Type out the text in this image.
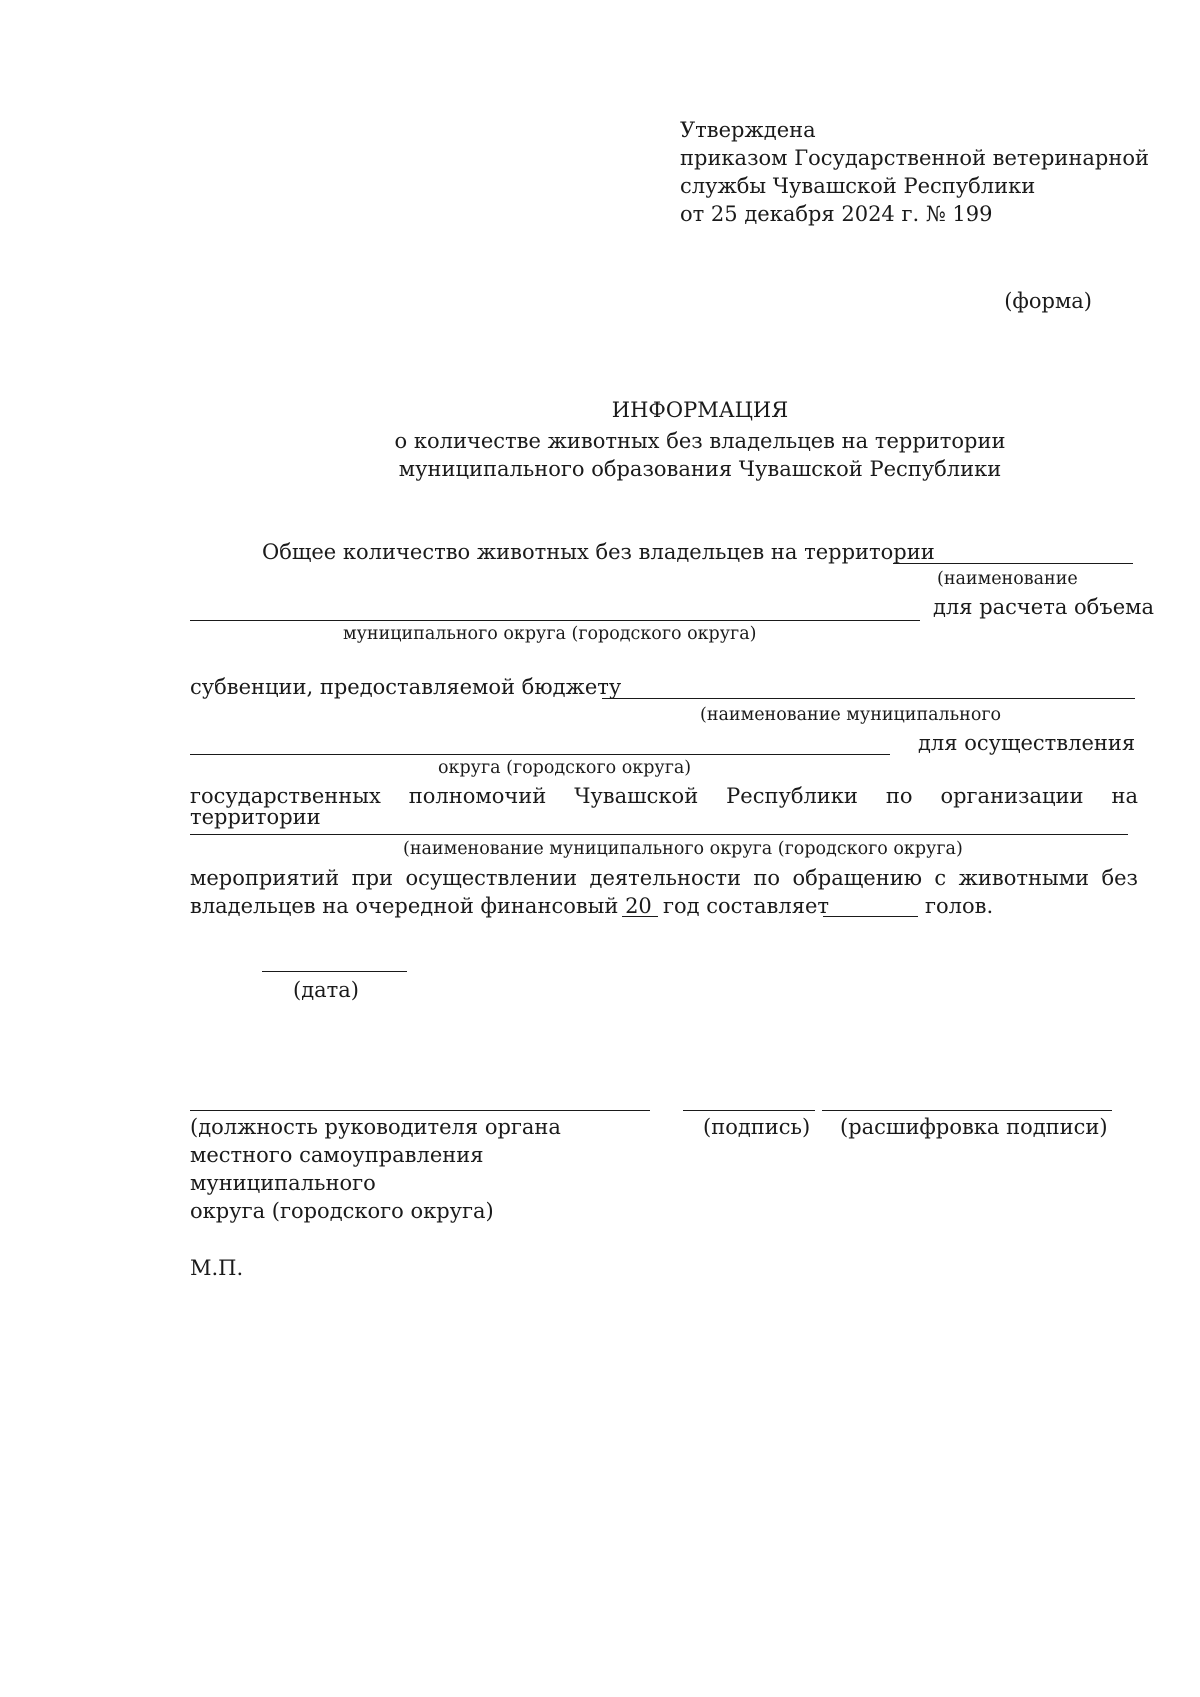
Утверждена
приказом Государственной ветеринарной
службы Чувашской Республики
от 25 декабря 2024 г. № 199
(форма)
ИНФОРМАЦИЯ
о количестве животных без владельцев на территории
муниципального образования Чувашской Республики
Общее количество животных без владельцев на территории
(наименование
для расчета объема
муниципального округа (городского округа)
субвенции, предоставляемой бюджету
(наименование муниципального
для осуществления
округа (городского округа)
государственных полномочий Чувашской Республики по организации на территории
(наименование муниципального округа (городского округа)
мероприятий при осуществлении деятельности по обращению с животными без
владельцев на очередной финансовый 20 год составляет	голов.
(дата)
(должность руководителя органа
местного самоуправления
муниципального
округа (городского округа)
(подпись) (расшифровка подписи)
М.П.
